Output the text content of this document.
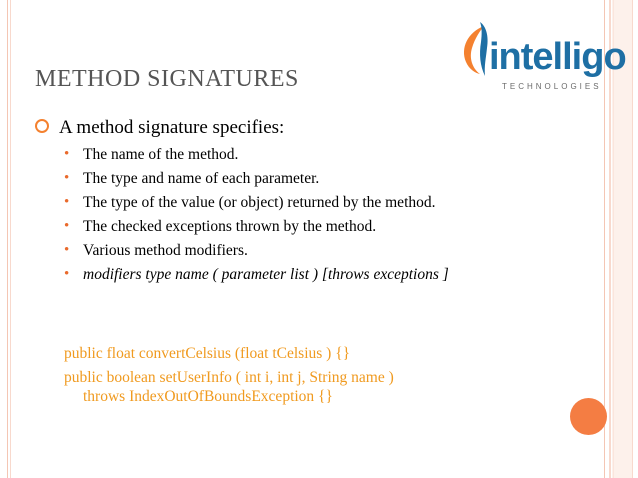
intelligo
TECHNOLOGIES
METHOD SIGNATURES
A method signature specifies:
• The name of the method.
• The type and name of each parameter.
• The type of the value (or object) returned by the method.
• The checked exceptions thrown by the method.
• Various method modifiers.
• modifiers type name ( parameter list ) [throws exceptions ]
public float convertCelsius (float tCelsius ) {}
public boolean setUserInfo ( int i, int j, String name )
throws IndexOutOfBoundsException {}
